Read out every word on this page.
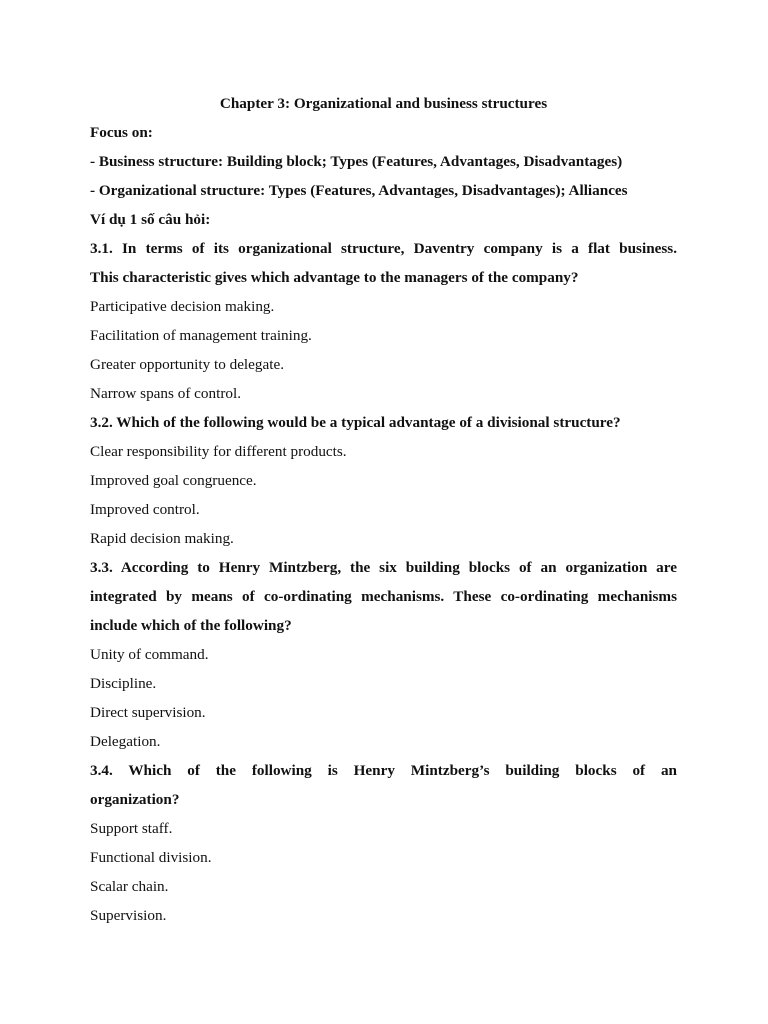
Chapter 3: Organizational and business structures
Focus on:
- Business structure: Building block; Types (Features, Advantages, Disadvantages)
- Organizational structure: Types (Features, Advantages, Disadvantages); Alliances
Ví dụ 1 số câu hỏi:
3.1. In terms of its organizational structure, Daventry company is a flat business.
This characteristic gives which advantage to the managers of the company?
Participative decision making.
Facilitation of management training.
Greater opportunity to delegate.
Narrow spans of control.
3.2. Which of the following would be a typical advantage of a divisional structure?
Clear responsibility for different products.
Improved goal congruence.
Improved control.
Rapid decision making.
3.3. According to Henry Mintzberg, the six building blocks of an organization are
integrated by means of co-ordinating mechanisms. These co-ordinating mechanisms
include which of the following?
Unity of command.
Discipline.
Direct supervision.
Delegation.
3.4. Which of the following is Henry Mintzberg’s building blocks of an
organization?
Support staff.
Functional division.
Scalar chain.
Supervision.
